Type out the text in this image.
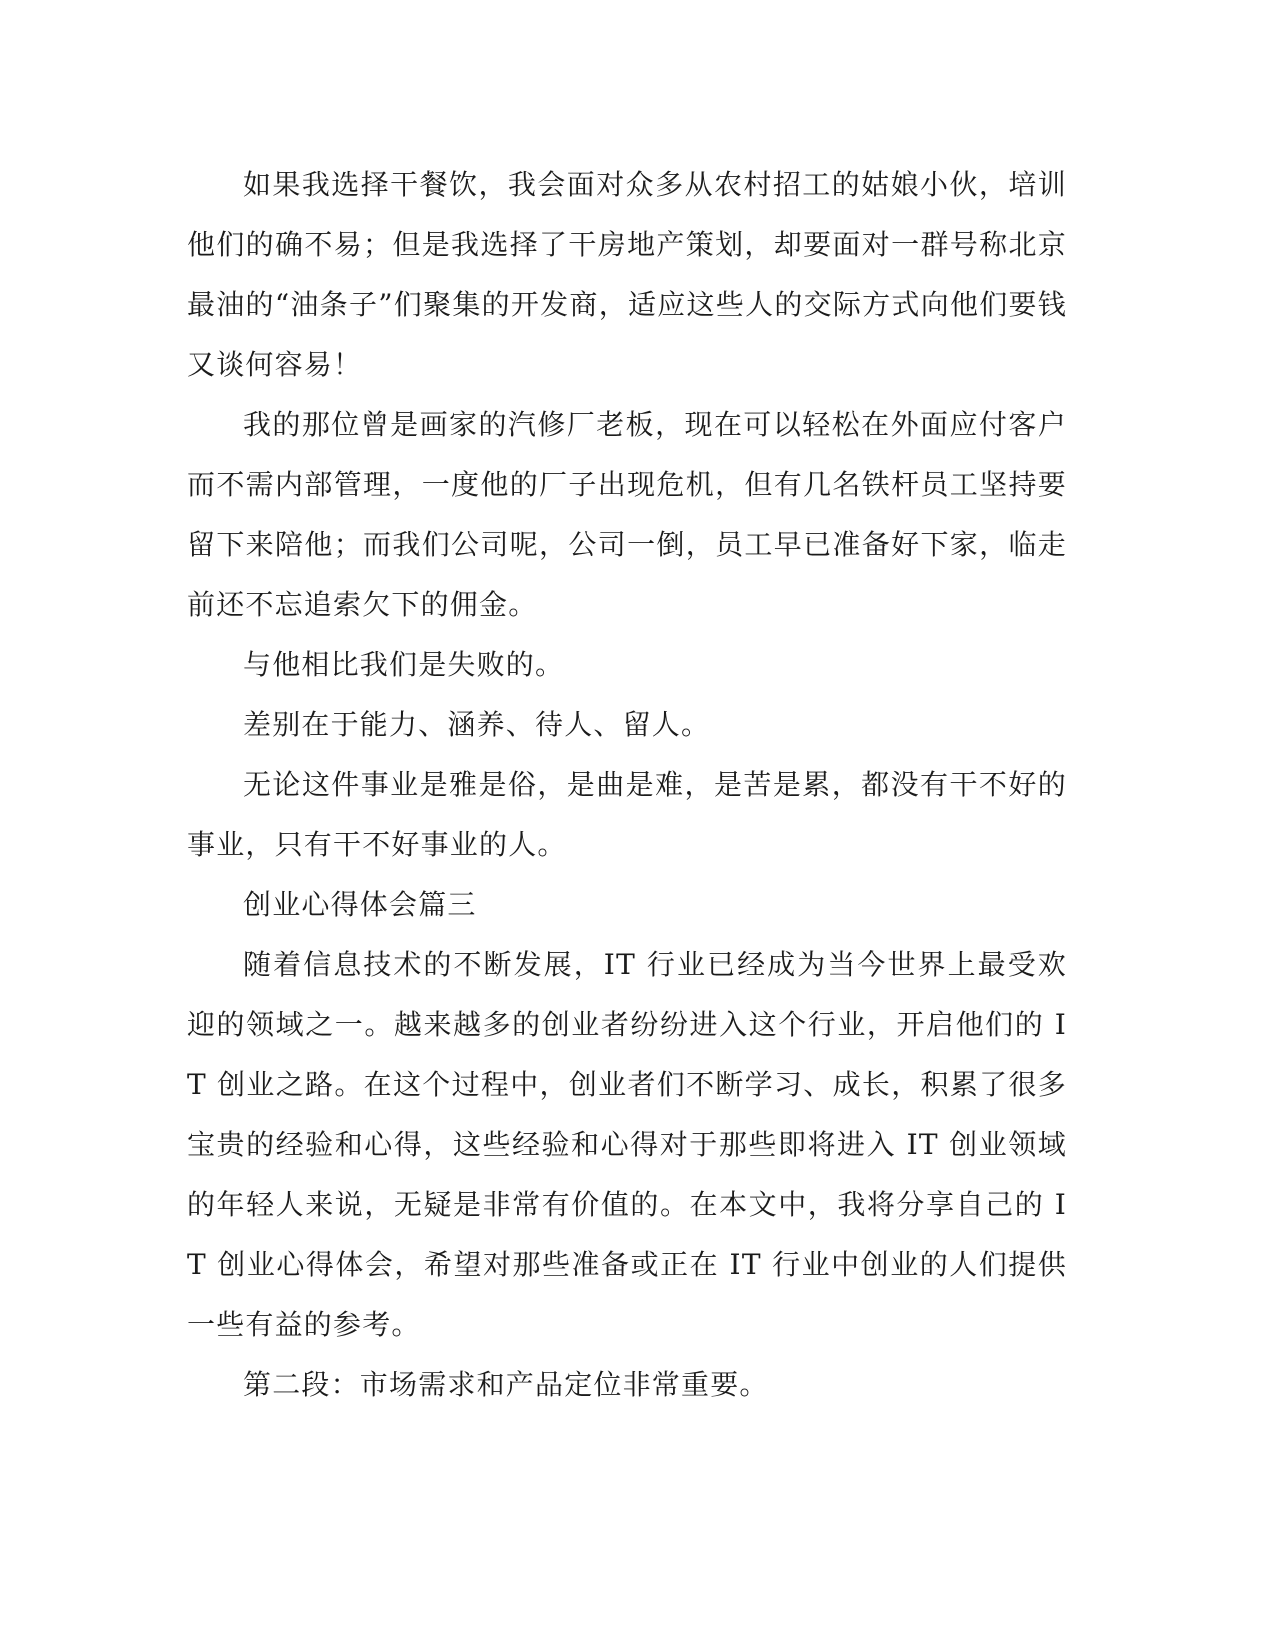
如果我选择干餐饮，我会面对众多从农村招工的姑娘小伙，培训他们的确不易；但是我选择了干房地产策划，却要面对一群号称北京最油的“油条子”们聚集的开发商，适应这些人的交际方式向他们要钱又谈何容易！

我的那位曾是画家的汽修厂老板，现在可以轻松在外面应付客户而不需内部管理，一度他的厂子出现危机，但有几名铁杆员工坚持要留下来陪他；而我们公司呢，公司一倒，员工早已准备好下家，临走前还不忘追索欠下的佣金。

与他相比我们是失败的。

差别在于能力、涵养、待人、留人。

无论这件事业是雅是俗，是曲是难，是苦是累，都没有干不好的事业，只有干不好事业的人。

创业心得体会篇三

随着信息技术的不断发展，IT 行业已经成为当今世界上最受欢迎的领域之一。越来越多的创业者纷纷进入这个行业，开启他们的 IT 创业之路。在这个过程中，创业者们不断学习、成长，积累了很多宝贵的经验和心得，这些经验和心得对于那些即将进入 IT 创业领域的年轻人来说，无疑是非常有价值的。在本文中，我将分享自己的 IT 创业心得体会，希望对那些准备或正在 IT 行业中创业的人们提供一些有益的参考。

第二段：市场需求和产品定位非常重要。
